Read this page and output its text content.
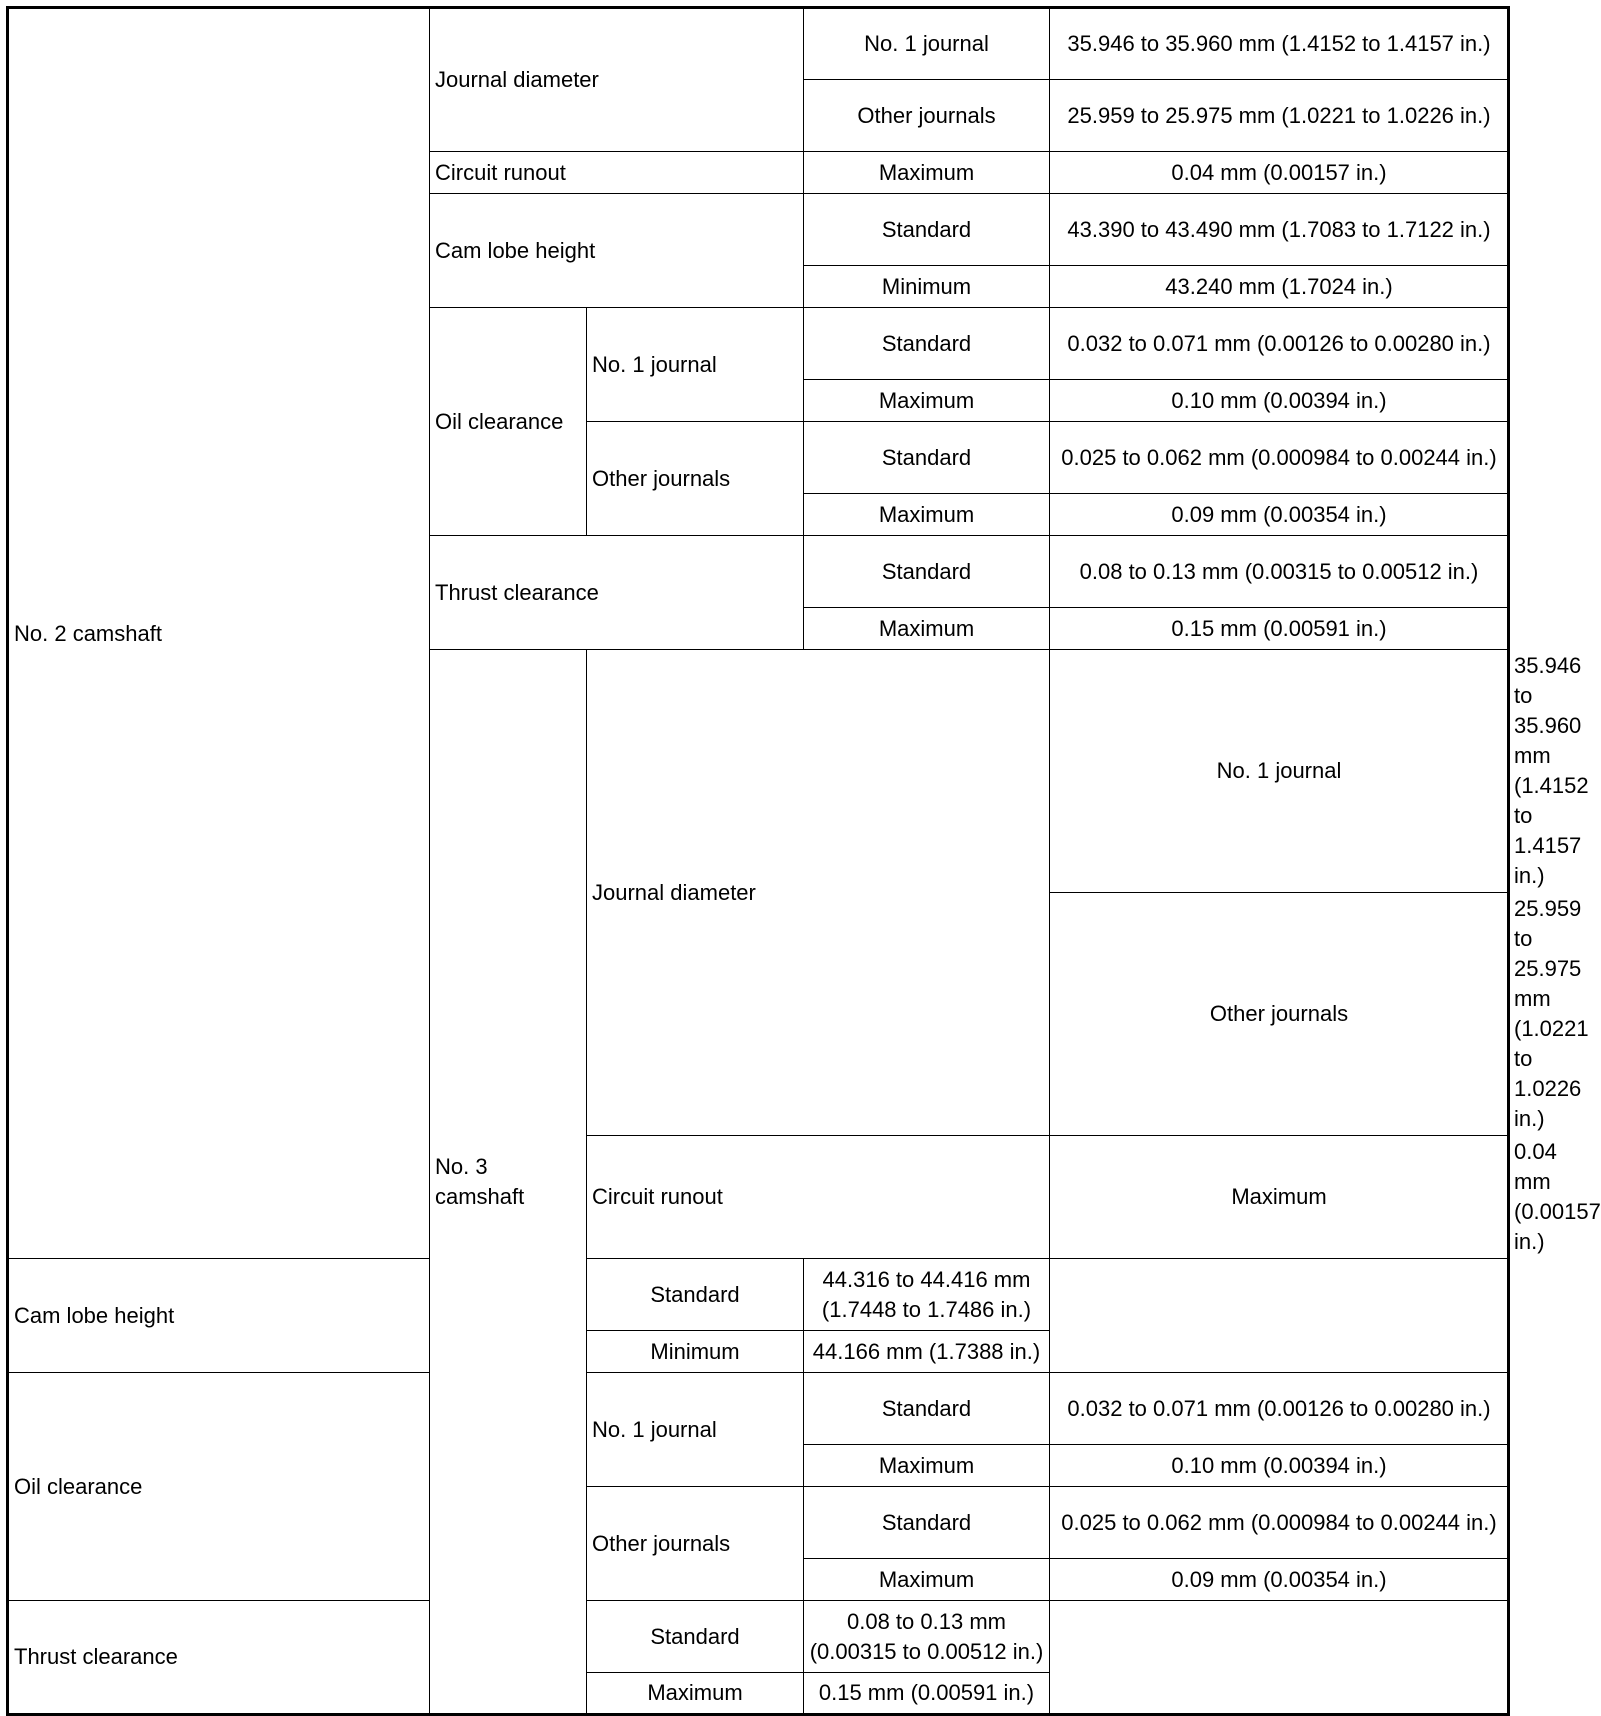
No. 2 camshaft	Journal diameter		No. 1 journal	35.946 to 35.960 mm (1.4152 to 1.4157 in.)	
			Other journals	25.959 to 25.975 mm (1.0221 to 1.0226 in.)	
	Circuit runout		Maximum	0.04 mm (0.00157 in.)	
	Cam lobe height		Standard	43.390 to 43.490 mm (1.7083 to 1.7122 in.)	
			Minimum	43.240 mm (1.7024 in.)	
	Oil clearance	No. 1 journal	Standard	0.032 to 0.071 mm (0.00126 to 0.00280 in.)	
			Maximum	0.10 mm (0.00394 in.)	
		Other journals	Standard	0.025 to 0.062 mm (0.000984 to 0.00244 in.)	
			Maximum	0.09 mm (0.00354 in.)	
	Thrust clearance		Standard	0.08 to 0.13 mm (0.00315 to 0.00512 in.)	
			Maximum	0.15 mm (0.00591 in.)	
	No. 3 camshaft	Journal diameter		No. 1 journal	35.946 to 35.960 mm (1.4152 to 1.4157 in.)
				Other journals	25.959 to 25.975 mm (1.0221 to 1.0226 in.)
		Circuit runout		Maximum	0.04 mm (0.00157 in.)
Cam lobe height		Standard	44.316 to 44.416 mm (1.7448 to 1.7486 in.)		
		Minimum	44.166 mm (1.7388 in.)		
Oil clearance		No. 1 journal	Standard	0.032 to 0.071 mm (0.00126 to 0.00280 in.)	
			Maximum	0.10 mm (0.00394 in.)	
		Other journals	Standard	0.025 to 0.062 mm (0.000984 to 0.00244 in.)	
			Maximum	0.09 mm (0.00354 in.)	
Thrust clearance		Standard	0.08 to 0.13 mm (0.00315 to 0.00512 in.)		
		Maximum	0.15 mm (0.00591 in.)		
